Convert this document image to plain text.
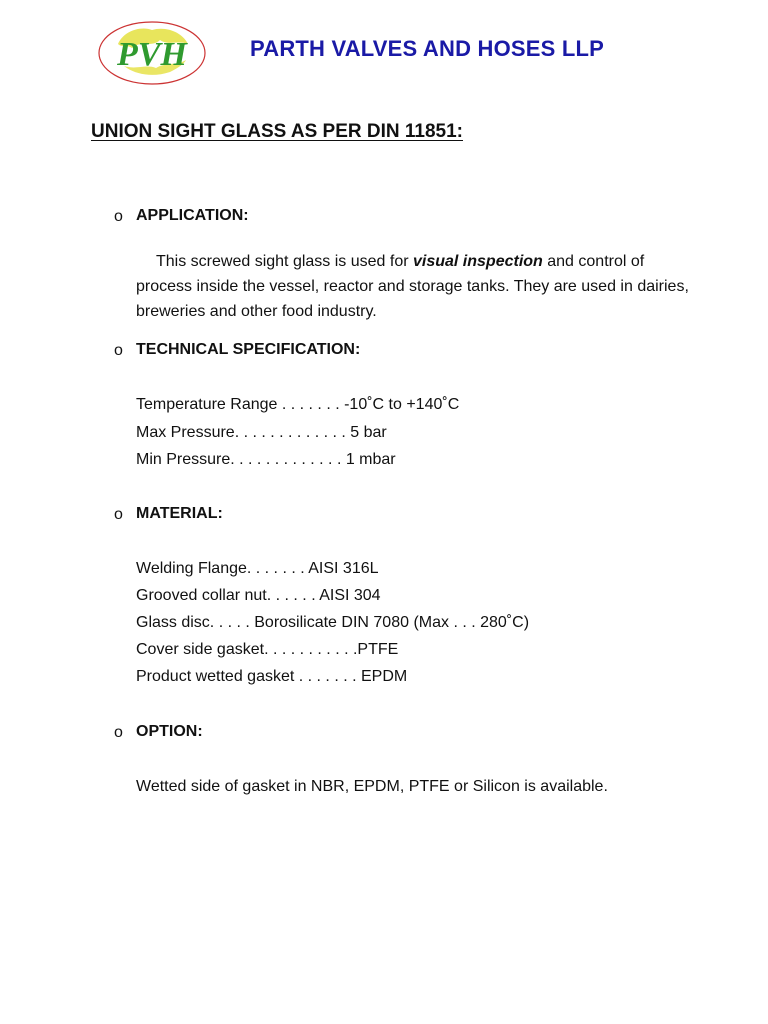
PVH	PARTH VALVES AND HOSES LLP
UNION SIGHT GLASS AS PER DIN 11851:
o APPLICATION:
This screwed sight glass is used for visual inspection and control of process inside the vessel, reactor and storage tanks. They are used in dairies, breweries and other food industry.
o TECHNICAL SPECIFICATION:
Temperature Range . . . . . . . -10˚C to +140˚C
Max Pressure. . . . . . . . . . . . . 5 bar
Min Pressure. . . . . . . . . . . . . 1 mbar
o MATERIAL:
Welding Flange. . . . . . . AISI 316L
Grooved collar nut. . . . . . AISI 304
Glass disc. . . . . Borosilicate DIN 7080 (Max . . . 280˚C)
Cover side gasket. . . . . . . . . . .PTFE
Product wetted gasket . . . . . . . EPDM
o OPTION:
Wetted side of gasket in NBR, EPDM, PTFE or Silicon is available.
